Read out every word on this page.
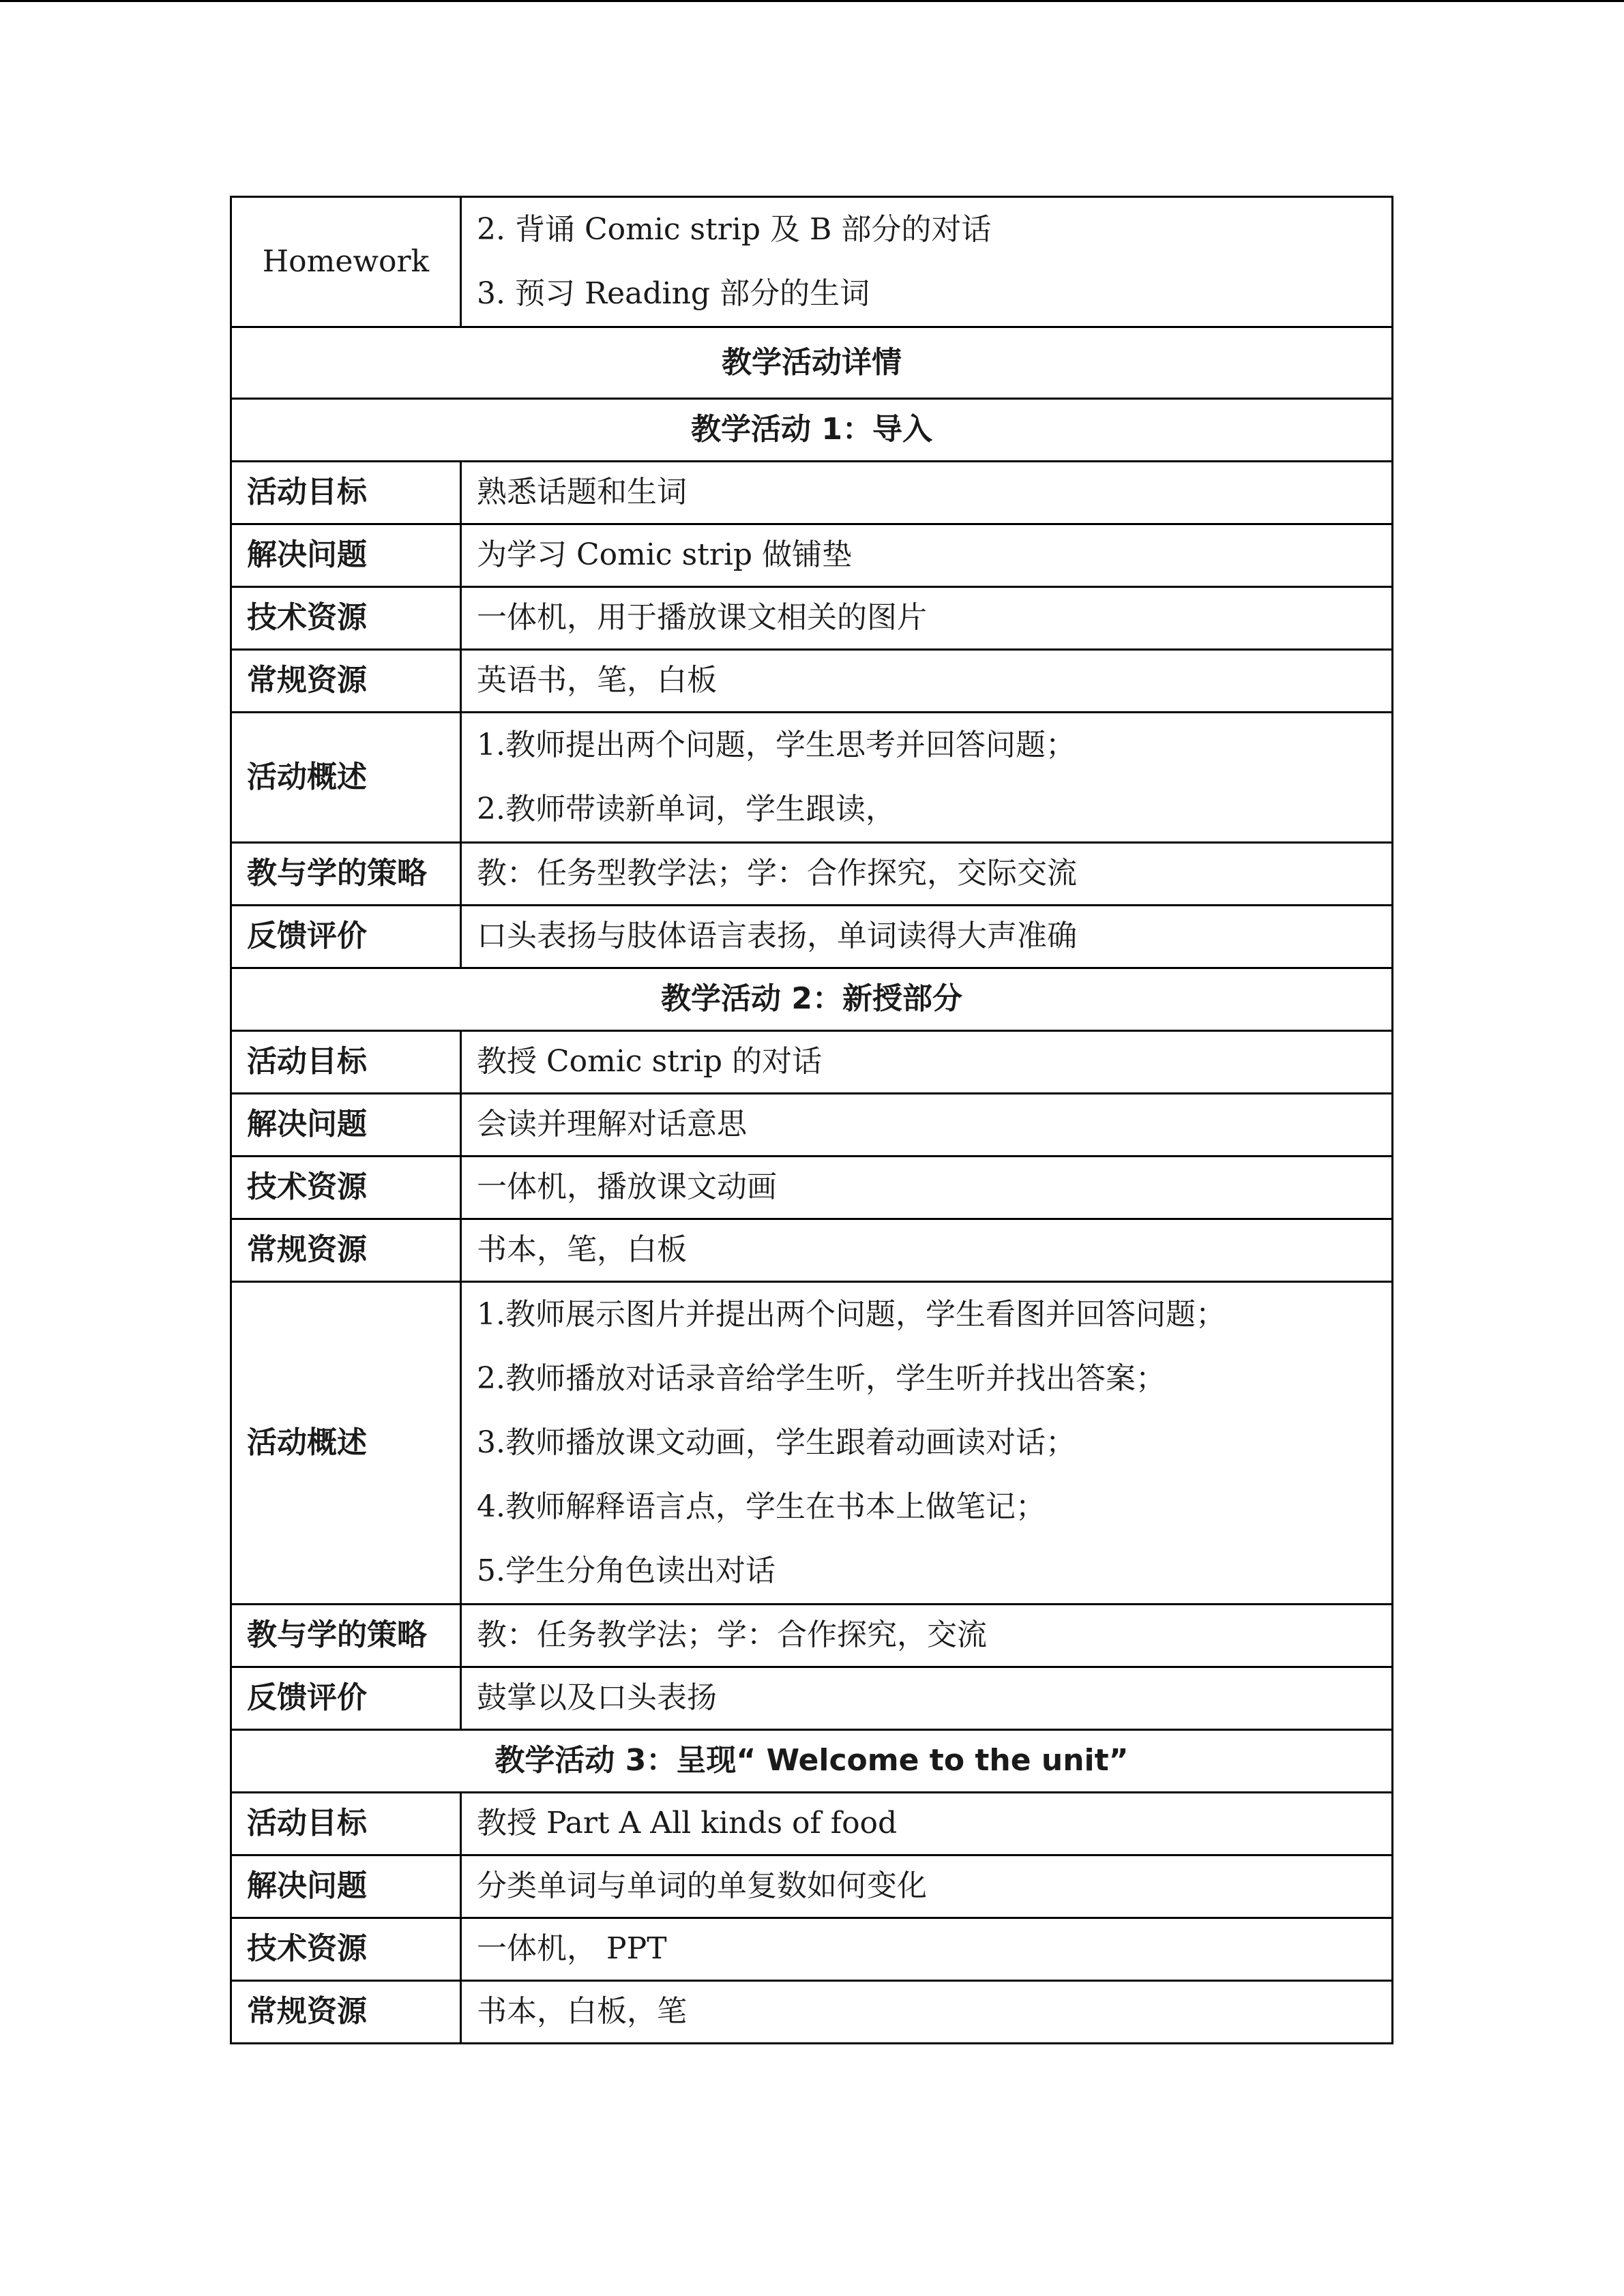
Homework	2. 背诵 Comic strip 及 B 部分的对话
3. 预习 Reading 部分的生词

教学活动详情	
教学活动 1：导入	
活动目标	熟悉话题和生词
解决问题	为学习 Comic strip 做铺垫
技术资源	一体机，用于播放课文相关的图片
常规资源	英语书，笔，白板
活动概述	1.教师提出两个问题，学生思考并回答问题；
2.教师带读新单词，学生跟读，

教与学的策略	教：任务型教学法；学：合作探究，交际交流
反馈评价	口头表扬与肢体语言表扬，单词读得大声准确
教学活动 2：新授部分	
活动目标	教授 Comic strip 的对话
解决问题	会读并理解对话意思
技术资源	一体机，播放课文动画
常规资源	书本，笔，白板
活动概述	1.教师展示图片并提出两个问题，学生看图并回答问题；
2.教师播放对话录音给学生听，学生听并找出答案；
3.教师播放课文动画，学生跟着动画读对话；
4.教师解释语言点，学生在书本上做笔记；
5.学生分角色读出对话

教与学的策略	教：任务教学法；学：合作探究，交流
反馈评价	鼓掌以及口头表扬
教学活动 3：呈现“ Welcome to the unit”	
活动目标	教授 Part A All kinds of food
解决问题	分类单词与单词的单复数如何变化
技术资源	一体机， PPT
常规资源	书本，白板，笔
